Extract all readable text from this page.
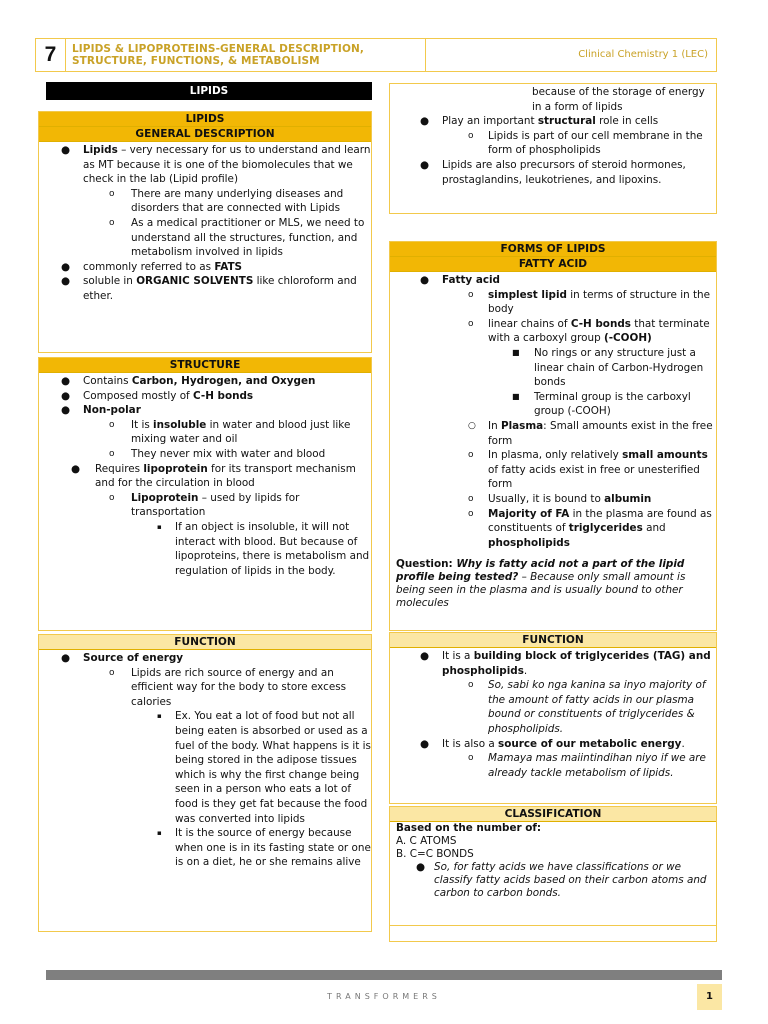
7	LIPIDS & LIPOPROTEINS-GENERAL DESCRIPTION,
STRUCTURE, FUNCTIONS, & METABOLISM
Clinical Chemistry 1 (LEC)
LIPIDS
LIPIDS
GENERAL DESCRIPTION
● Lipids – very necessary for us to understand and learn as MT because it is one of the biomolecules that we check in the lab (Lipid profile)
o There are many underlying diseases and disorders that are connected with Lipids
o As a medical practitioner or MLS, we need to understand all the structures, function, and metabolism involved in lipids
● commonly referred to as FATS
● soluble in ORGANIC SOLVENTS like chloroform and ether.
STRUCTURE
● Contains Carbon, Hydrogen, and Oxygen
● Composed mostly of C-H bonds
● Non-polar
o It is insoluble in water and blood just like mixing water and oil
o They never mix with water and blood
● Requires lipoprotein for its transport mechanism and for the circulation in blood
o Lipoprotein – used by lipids for transportation
▪ If an object is insoluble, it will not interact with blood. But because of lipoproteins, there is metabolism and regulation of lipids in the body.
FUNCTION
● Source of energy
o Lipids are rich source of energy and an efficient way for the body to store excess calories
▪ Ex. You eat a lot of food but not all being eaten is absorbed or used as a fuel of the body. What happens is it is being stored in the adipose tissues which is why the first change being seen in a person who eats a lot of food is they get fat because the food was converted into lipids
▪ It is the source of energy because when one is in its fasting state or one is on a diet, he or she remains alive
because of the storage of energy in a form of lipids
● Play an important structural role in cells
o Lipids is part of our cell membrane in the form of phospholipids
● Lipids are also precursors of steroid hormones, prostaglandins, leukotrienes, and lipoxins.
FORMS OF LIPIDS
FATTY ACID
● Fatty acid
o simplest lipid in terms of structure in the body
o linear chains of C-H bonds that terminate with a carboxyl group (-COOH)
■ No rings or any structure just a linear chain of Carbon-Hydrogen bonds
■ Terminal group is the carboxyl group (-COOH)
○ In Plasma: Small amounts exist in the free form
o In plasma, only relatively small amounts of fatty acids exist in free or unesterified form
o Usually, it is bound to albumin
o Majority of FA in the plasma are found as constituents of triglycerides and phospholipids
Question: Why is fatty acid not a part of the lipid profile being tested? – Because only small amount is being seen in the plasma and is usually bound to other molecules
FUNCTION
● It is a building block of triglycerides (TAG) and phospholipids.
o So, sabi ko nga kanina sa inyo majority of the amount of fatty acids in our plasma bound or constituents of triglycerides & phospholipids.
● It is also a source of our metabolic energy.
o Mamaya mas maiintindihan niyo if we are already tackle metabolism of lipids.
CLASSIFICATION
Based on the number of:
A. C ATOMS
B. C=C BONDS
● So, for fatty acids we have classifications or we classify fatty acids based on their carbon atoms and carbon to carbon bonds.
TRANSFORMERS	1
